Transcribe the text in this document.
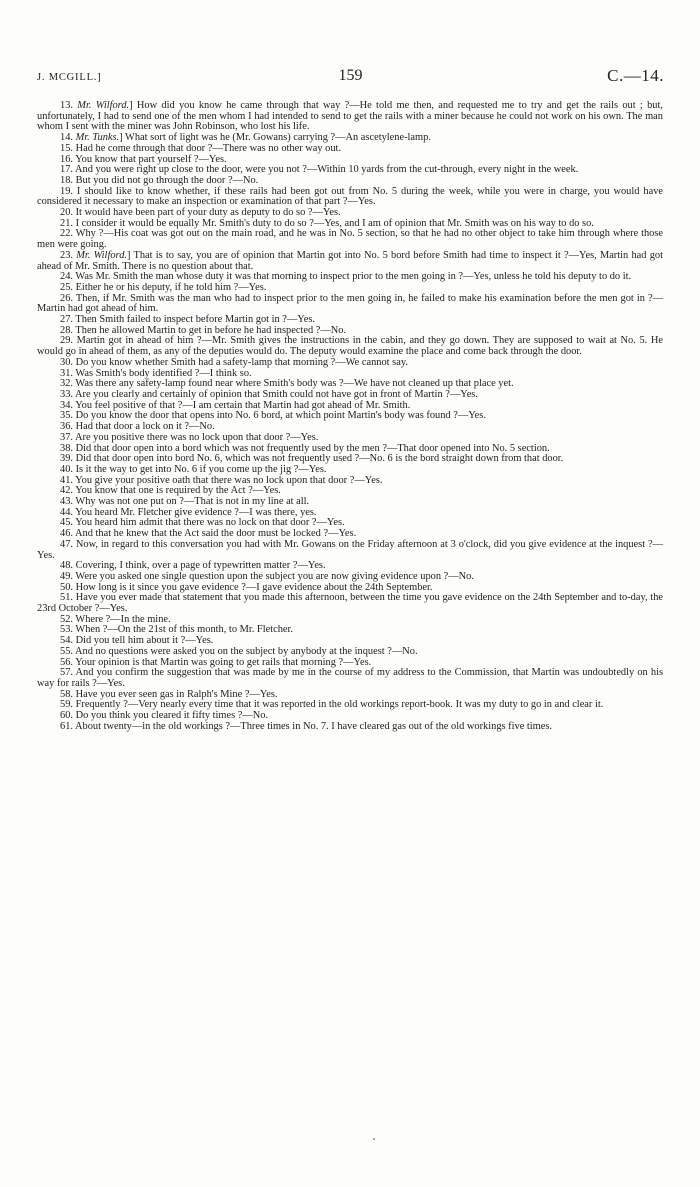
J. MCGILL.]	159	C.—14.

13. Mr. Wilford.] How did you know he came through that way ?—He told me then, and requested me to try and get the rails out ; but, unfortunately, I had to send one of the men whom I had intended to send to get the rails with a miner because he could not work on his own. The man whom I sent with the miner was John Robinson, who lost his life.

14. Mr. Tunks.] What sort of light was he (Mr. Gowans) carrying ?—An ascetylene-lamp.

15. Had he come through that door ?—There was no other way out.

16. You know that part yourself ?—Yes.

17. And you were right up close to the door, were you not ?—Within 10 yards from the cut-through, every night in the week.

18. But you did not go through the door ?—No.

19. I should like to know whether, if these rails had been got out from No. 5 during the week, while you were in charge, you would have considered it necessary to make an inspection or examination of that part ?—Yes.

20. It would have been part of your duty as deputy to do so ?—Yes.

21. I consider it would be equally Mr. Smith's duty to do so ?—Yes, and I am of opinion that Mr. Smith was on his way to do so.

22. Why ?—His coat was got out on the main road, and he was in No. 5 section, so that he had no other object to take him through where those men were going.

23. Mr. Wilford.] That is to say, you are of opinion that Martin got into No. 5 bord before Smith had time to inspect it ?—Yes, Martin had got ahead of Mr. Smith. There is no question about that.

24. Was Mr. Smith the man whose duty it was that morning to inspect prior to the men going in ?—Yes, unless he told his deputy to do it.

25. Either he or his deputy, if he told him ?—Yes.

26. Then, if Mr. Smith was the man who had to inspect prior to the men going in, he failed to make his examination before the men got in ?—Martin had got ahead of him.

27. Then Smith failed to inspect before Martin got in ?—Yes.

28. Then he allowed Martin to get in before he had inspected ?—No.

29. Martin got in ahead of him ?—Mr. Smith gives the instructions in the cabin, and they go down. They are supposed to wait at No. 5. He would go in ahead of them, as any of the deputies would do. The deputy would examine the place and come back through the door.

30. Do you know whether Smith had a safety-lamp that morning ?—We cannot say.

31. Was Smith's body identified ?—I think so.

32. Was there any safety-lamp found near where Smith's body was ?—We have not cleaned up that place yet.

33. Are you clearly and certainly of opinion that Smith could not have got in front of Martin ?—Yes.

34. You feel positive of that ?—I am certain that Martin had got ahead of Mr. Smith.

35. Do you know the door that opens into No. 6 bord, at which point Martin's body was found ?—Yes.

36. Had that door a lock on it ?—No.

37. Are you positive there was no lock upon that door ?—Yes.

38. Did that door open into a bord which was not frequently used by the men ?—That door opened into No. 5 section.

39. Did that door open into bord No. 6, which was not frequently used ?—No. 6 is the bord straight down from that door.

40. Is it the way to get into No. 6 if you come up the jig ?—Yes.

41. You give your positive oath that there was no lock upon that door ?—Yes.

42. You know that one is required by the Act ?—Yes.

43. Why was not one put on ?—That is not in my line at all.

44. You heard Mr. Fletcher give evidence ?—I was there, yes.

45. You heard him admit that there was no lock on that door ?—Yes.

46. And that he knew that the Act said the door must be locked ?—Yes.

47. Now, in regard to this conversation you had with Mr. Gowans on the Friday afternoon at 3 o'clock, did you give evidence at the inquest ?—Yes.

48. Covering, I think, over a page of typewritten matter ?—Yes.

49. Were you asked one single question upon the subject you are now giving evidence upon ?—No.

50. How long is it since you gave evidence ?—I gave evidence about the 24th September.

51. Have you ever made that statement that you made this afternoon, between the time you gave evidence on the 24th September and to-day, the 23rd October ?—Yes.

52. Where ?—In the mine.

53. When ?—On the 21st of this month, to Mr. Fletcher.

54. Did you tell him about it ?—Yes.

55. And no questions were asked you on the subject by anybody at the inquest ?—No.

56. Your opinion is that Martin was going to get rails that morning ?—Yes.

57. And you confirm the suggestion that was made by me in the course of my address to the Commission, that Martin was undoubtedly on his way for rails ?—Yes.

58. Have you ever seen gas in Ralph's Mine ?—Yes.

59. Frequently ?—Very nearly every time that it was reported in the old workings report-book. It was my duty to go in and clear it.

60. Do you think you cleared it fifty times ?—No.

61. About twenty—in the old workings ?—Three times in No. 7. I have cleared gas out of the old workings five times.
